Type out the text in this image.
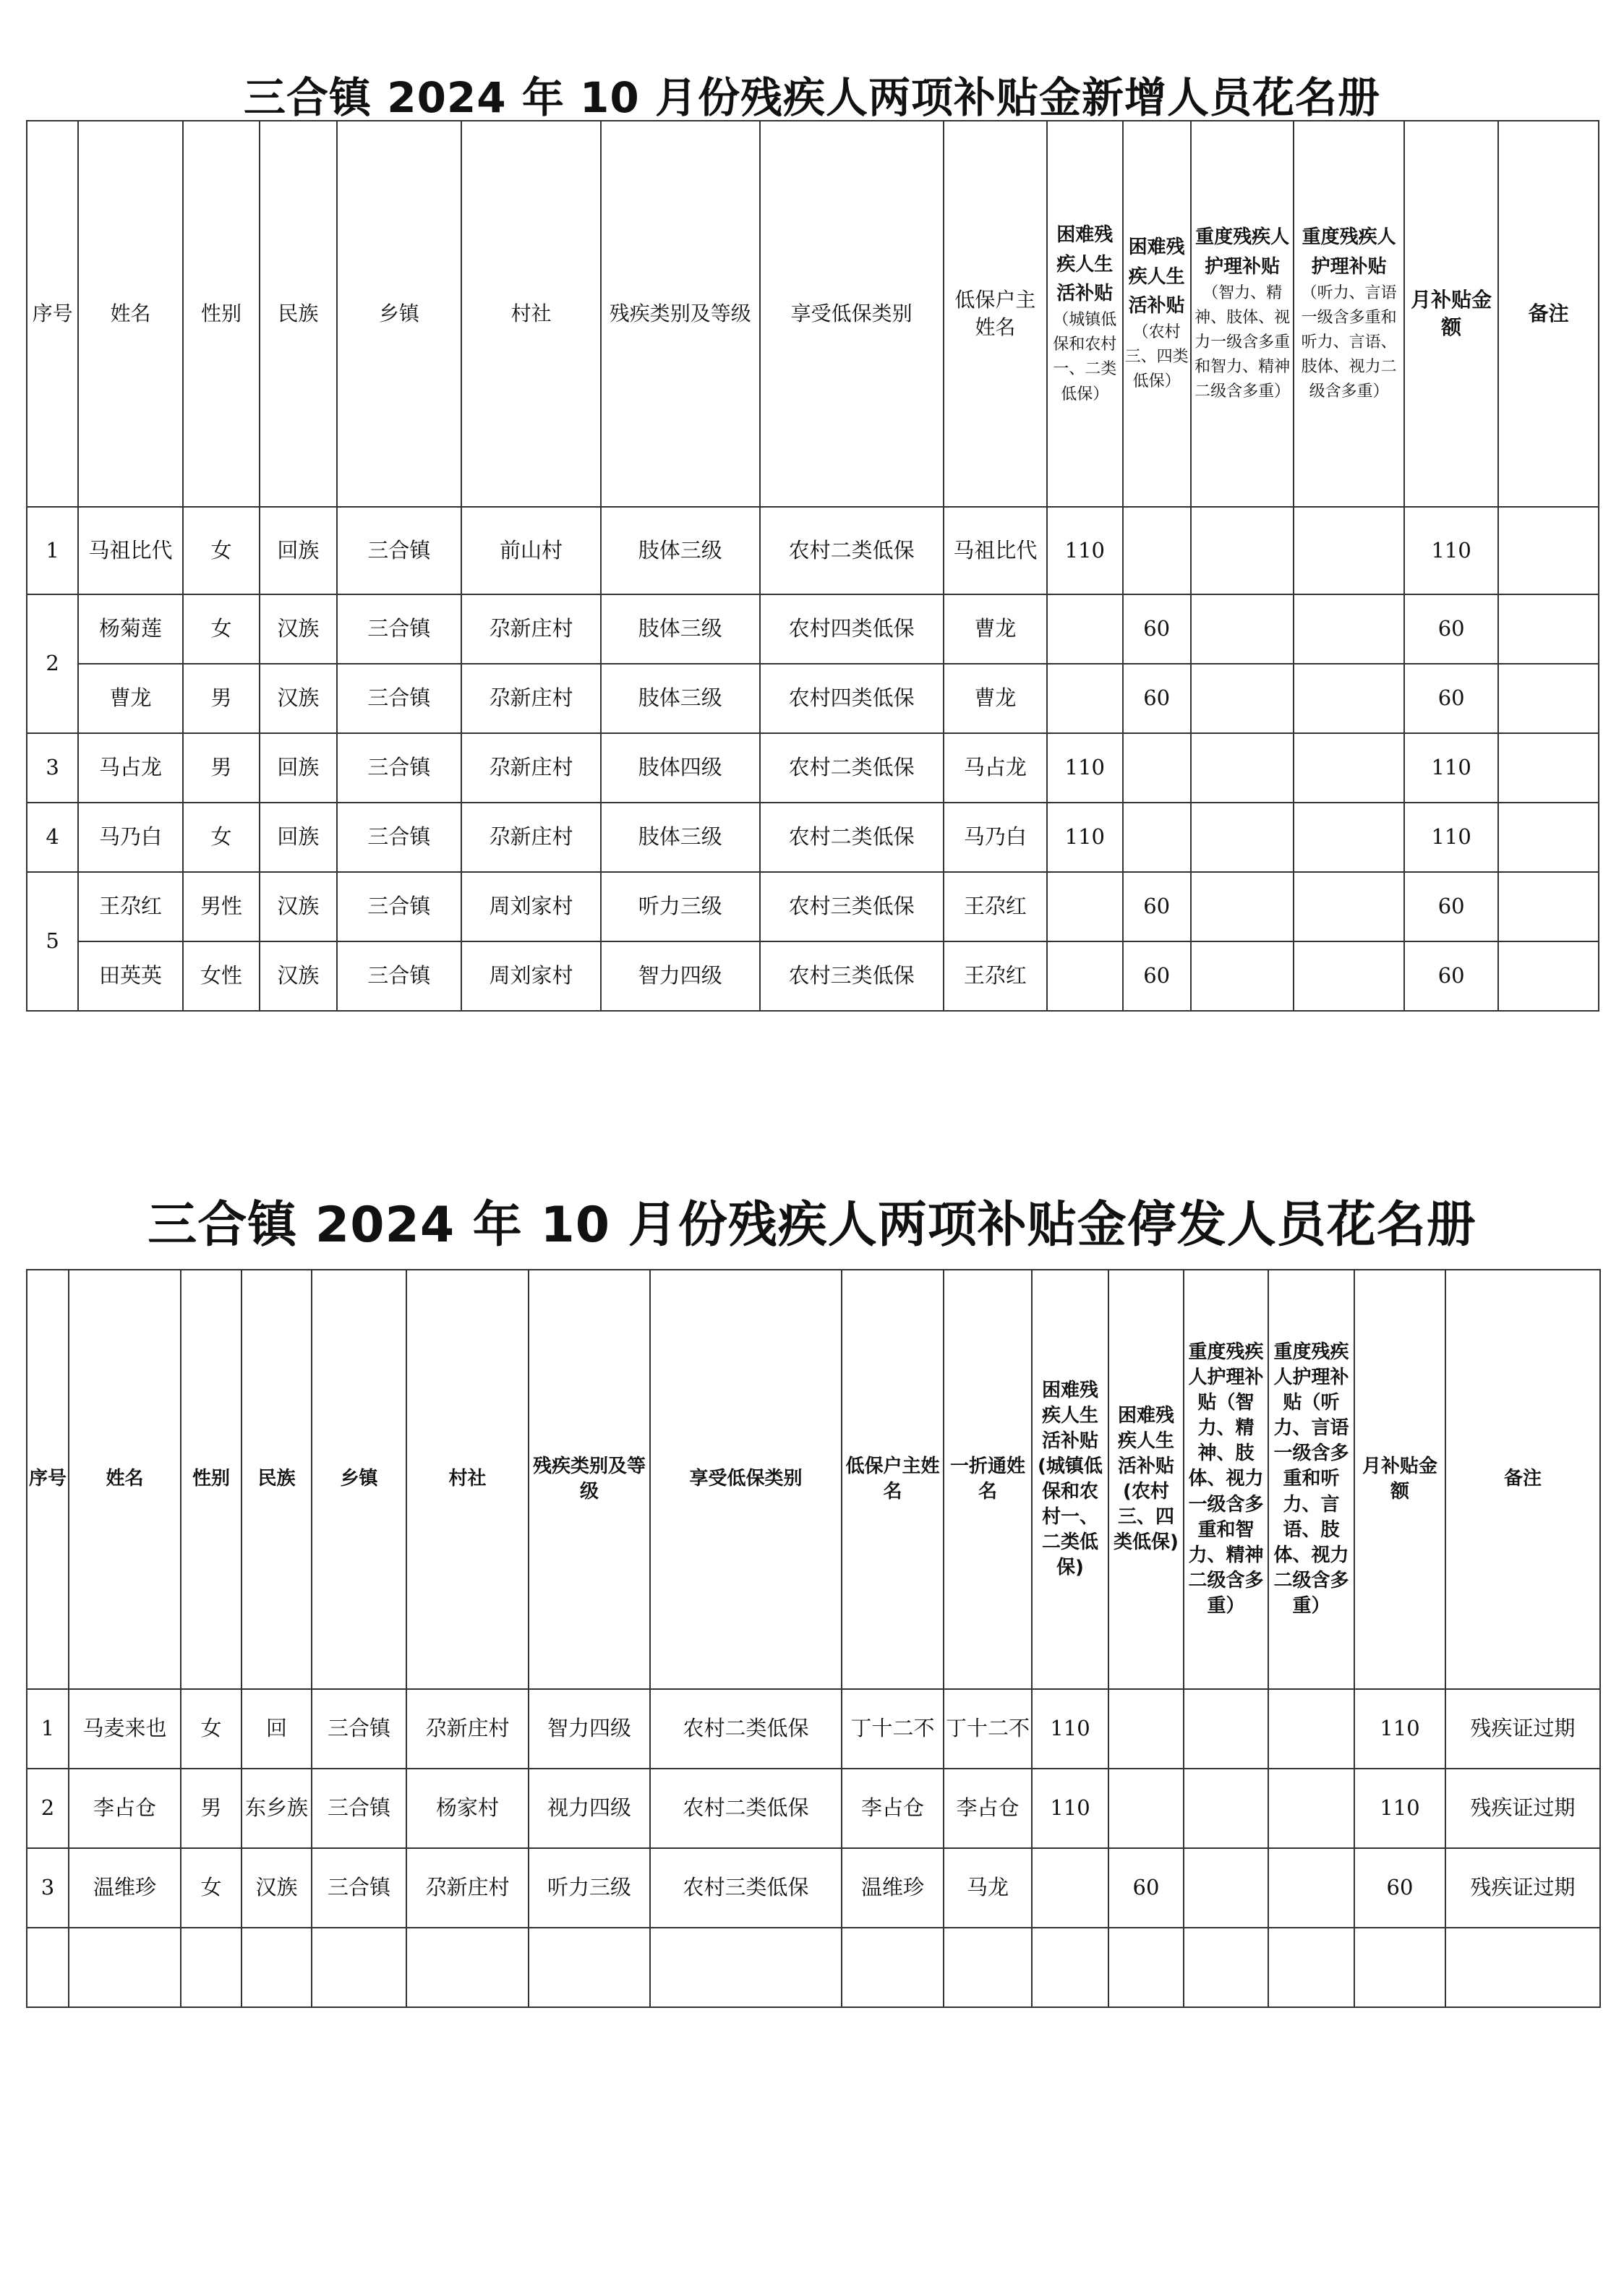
三合镇 2024 年 10 月份残疾人两项补贴金新增人员花名册
序号	姓名	性别	民族	乡镇	村社	残疾类别及等级	享受低保类别	低保户主姓名	困难残疾人生活补贴（城镇低保和农村一、二类低保）	困难残疾人生活补贴（农村三、四类低保）	重度残疾人护理补贴（智力、精神、肢体、视力一级含多重和智力、精神二级含多重）	重度残疾人护理补贴（听力、言语一级含多重和听力、言语、肢体、视力二级含多重）	月补贴金额	备注
1	马祖比代	女	回族	三合镇	前山村	肢体三级	农村二类低保	马祖比代	110				110	
2	杨菊莲	女	汉族	三合镇	尕新庄村	肢体三级	农村四类低保	曹龙		60			60	
	曹龙	男	汉族	三合镇	尕新庄村	肢体三级	农村四类低保	曹龙		60			60	
3	马占龙	男	回族	三合镇	尕新庄村	肢体四级	农村二类低保	马占龙	110				110	
4	马乃白	女	回族	三合镇	尕新庄村	肢体三级	农村二类低保	马乃白	110				110	
5	王尕红	男性	汉族	三合镇	周刘家村	听力三级	农村三类低保	王尕红		60			60	
	田英英	女性	汉族	三合镇	周刘家村	智力四级	农村三类低保	王尕红		60			60	
三合镇 2024 年 10 月份残疾人两项补贴金停发人员花名册
序号	姓名	性别	民族	乡镇	村社	残疾类别及等级	享受低保类别	低保户主姓名	一折通姓名	困难残疾人生活补贴(城镇低保和农村一、二类低保)	困难残疾人生活补贴(农村三、四类低保)	重度残疾人护理补贴（智力、精神、肢体、视力一级含多重和智力、精神二级含多重）	重度残疾人护理补贴（听力、言语一级含多重和听力、言语、肢体、视力二级含多重）	月补贴金额	备注
1	马麦来也	女	回	三合镇	尕新庄村	智力四级	农村二类低保	丁十二不	丁十二不	110				110	残疾证过期
2	李占仓	男	东乡族	三合镇	杨家村	视力四级	农村二类低保	李占仓	李占仓	110				110	残疾证过期
3	温维珍	女	汉族	三合镇	尕新庄村	听力三级	农村三类低保	温维珍	马龙		60			60	残疾证过期
